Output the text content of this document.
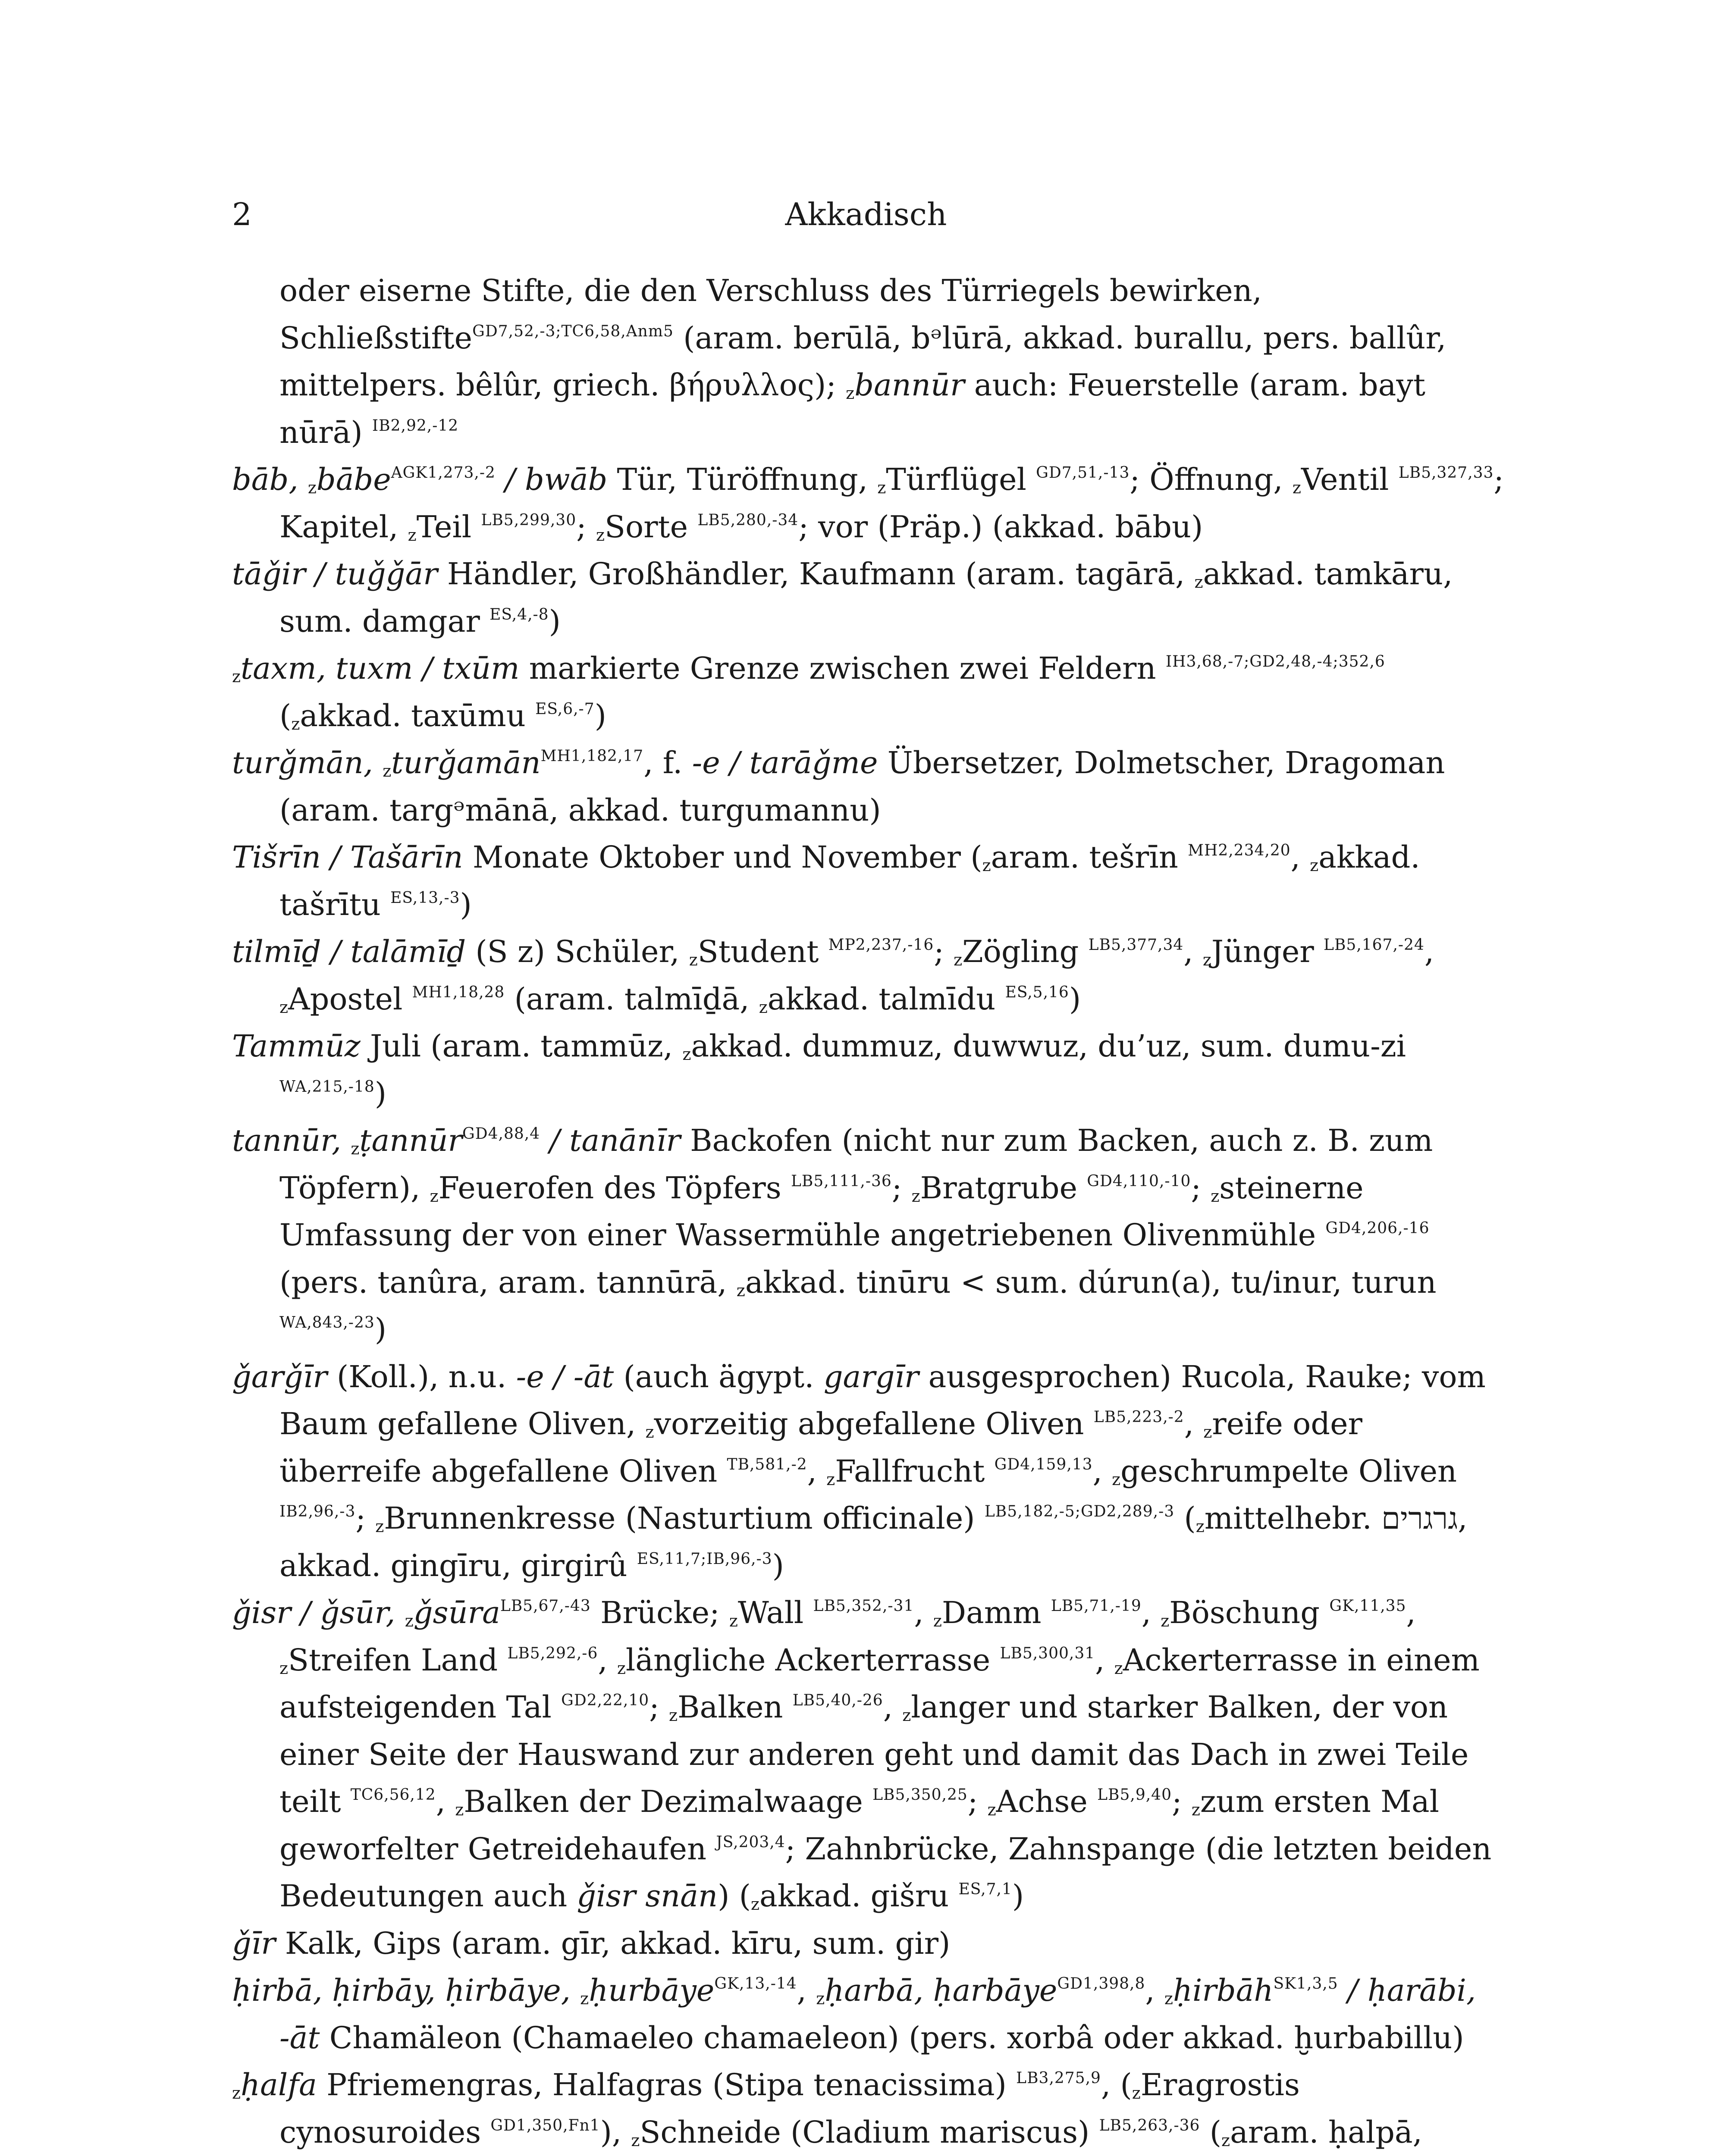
2	Akkadisch

oder eiserne Stifte, die den Verschluss des Türriegels bewirken, Schließstifte$^{GD7,52,-3;TC6,58,Anm5}$ (aram. berūlā, bᵊlūrā, akkad. burallu, pers. ballûr, mittelpers. bêlûr, griech. βήρυλλος); $_z$bannūr auch: Feuerstelle (aram. bayt nūrā) $^{IB2,92,-12}$

bāb, $_z$bābe$^{AGK1,273,-2}$ / bwāb Tür, Türöffnung, $_z$Türflügel $^{GD7,51,-13}$; Öffnung, $_z$Ventil $^{LB5,327,33}$; Kapitel, $_z$Teil $^{LB5,299,30}$; $_z$Sorte $^{LB5,280,-34}$; vor (Präp.) (akkad. bābu)

tāǧir / tuǧǧār Händler, Großhändler, Kaufmann (aram. tagārā, $_z$akkad. tamkāru, sum. damgar $^{ES,4,-8}$)

$_z$taxm, tuxm / txūm markierte Grenze zwischen zwei Feldern $^{IH3,68,-7;GD2,48,-4;352,6}$ ($_zakkad$. taxūmu $^{ES,6,-7}$)

turǧmān, $_z$turǧamān$^{MH1,182,17}$, f. -e / tarāǧme Übersetzer, Dolmetscher, Dragoman (aram. targᵊmānā, akkad. turgumannu)

Tišrīn / Tašārīn Monate Oktober und November ($_zaram$. tešrīn $^{MH2,234,20}$, $_z$akkad. tašrītu $^{ES,13,-3}$)

tilmīḏ / talāmīḏ (S z) Schüler, $_z$Student $^{MP2,237,-16}$; $_z$Zögling $^{LB5,377,34}$, $_z$Jünger $^{LB5,167,-24}$, $_z$Apostel $^{MH1,18,28}$ (aram. talmīḏā, $_z$akkad. talmīdu $^{ES,5,16}$)

Tammūz Juli (aram. tammūz, $_z$akkad. dummuz, duwwuz, du’uz, sum. dumu-zi $^{WA,215,-18}$)

tannūr, $_z$ṭannūr$^{GD4,88,4}$ / tanānīr Backofen (nicht nur zum Backen, auch z. B. zum Töpfern), $_z$Feuerofen des Töpfers $^{LB5,111,-36}$; $_z$Bratgrube $^{GD4,110,-10}$; $_z$steinerne Umfassung der von einer Wassermühle angetriebenen Olivenmühle $^{GD4,206,-16}$ (pers. tanûra, aram. tannūrā, $_z$akkad. tinūru < sum. dúrun(a), tu/inur, turun $^{WA,843,-23}$)

ǧarǧīr (Koll.), n.u. -e / -āt (auch ägypt. gargīr ausgesprochen) Rucola, Rauke; vom Baum gefallene Oliven, $_z$vorzeitig abgefallene Oliven $^{LB5,223,-2}$, $_z$reife oder überreife abgefallene Oliven $^{TB,581,-2}$, $_z$Fallfrucht $^{GD4,159,13}$, $_z$geschrumpelte Oliven $^{IB2,96,-3}$; $_z$Brunnenkresse (Nasturtium officinale) $^{LB5,182,-5;GD2,289,-3}$ ($_zmittelhebr$. גרגרים, akkad. gingīru, girgirû $^{ES,11,7;IB,96,-3}$)

ǧisr / ǧsūr, $_z$ǧsūra$^{LB5,67,-43}$ Brücke; $_z$Wall $^{LB5,352,-31}$, $_z$Damm $^{LB5,71,-19}$, $_z$Böschung $^{GK,11,35}$, $_z$Streifen Land $^{LB5,292,-6}$, $_z$längliche Ackerterrasse $^{LB5,300,31}$, $_z$Ackerterrasse in einem aufsteigenden Tal $^{GD2,22,10}$; $_z$Balken $^{LB5,40,-26}$, $_z$langer und starker Balken, der von einer Seite der Hauswand zur anderen geht und damit das Dach in zwei Teile teilt $^{TC6,56,12}$, $_z$Balken der Dezimalwaage $^{LB5,350,25}$; $_z$Achse $^{LB5,9,40}$; $_z$zum ersten Mal geworfelter Getreidehaufen $^{JS,203,4}$; Zahnbrücke, Zahnspange (die letzten beiden Bedeutungen auch ǧisr snān) ($_zakkad$. gišru $^{ES,7,1}$)

ǧīr Kalk, Gips (aram. gīr, akkad. kīru, sum. gir)

ḥirbā, ḥirbāy, ḥirbāye, $_z$ḥurbāye$^{GK,13,-14}$, $_z$ḥarbā, ḥarbāye$^{GD1,398,8}$, $_z$ḥirbāh$^{SK1,3,5}$ / ḥarābi, -āt Chamäleon (Chamaeleo chamaeleon) (pers. xorbâ oder akkad. ḫurbabillu)

$_z$ḥalfa Pfriemengras, Halfagras (Stipa tenacissima) $^{LB3,275,9}$, ($_zEragrostis$ cynosuroides $^{GD1,350,Fn1}$), $_z$Schneide (Cladium mariscus) $^{LB5,263,-36}$ ($_zaram$. ḥalpā,
